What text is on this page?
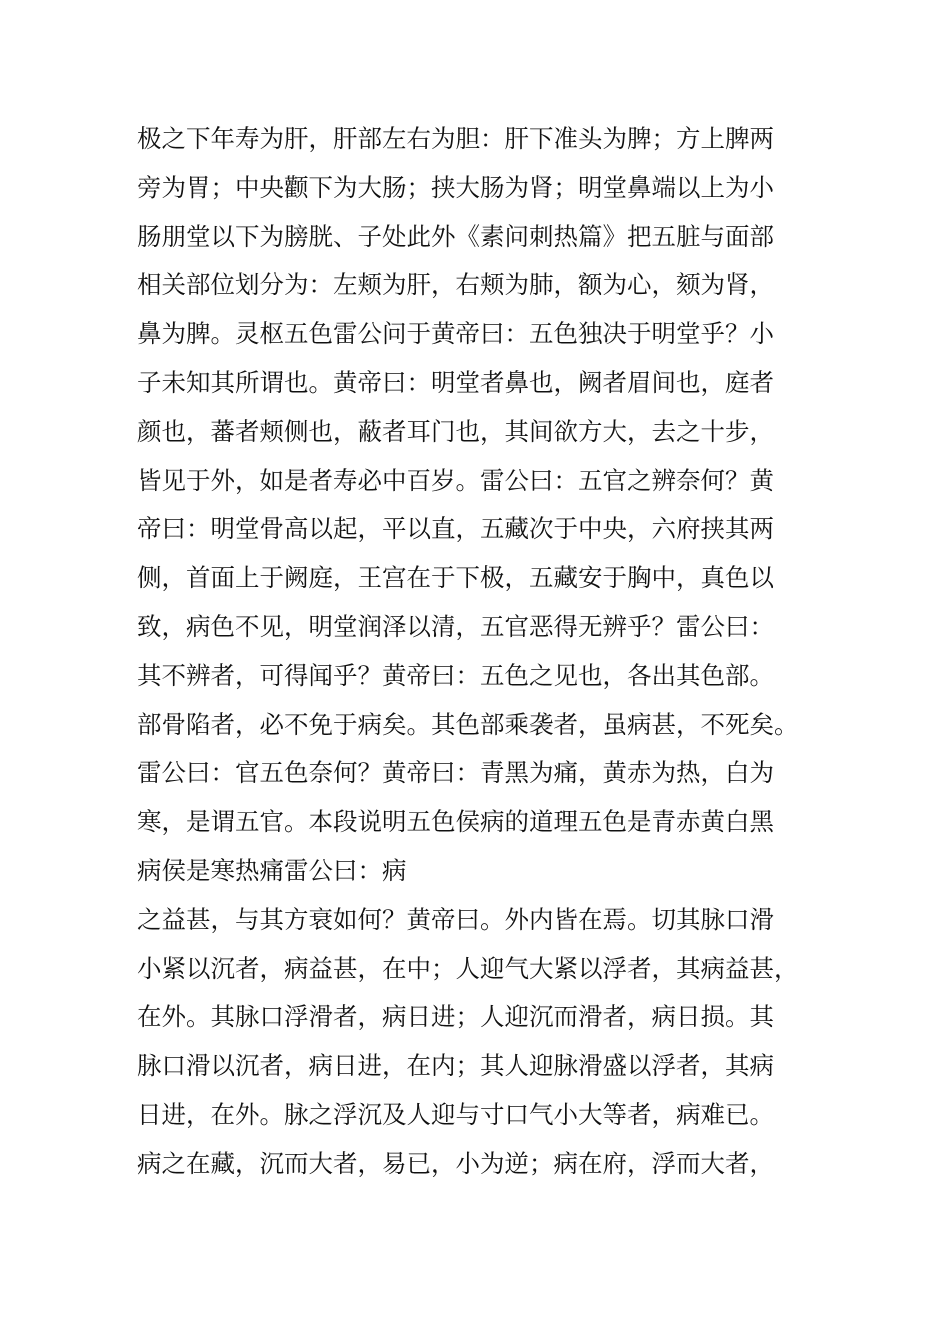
极之下年寿为肝，肝部左右为胆：肝下准头为脾；方上脾两
旁为胃；中央颧下为大肠；挟大肠为肾；明堂鼻端以上为小
肠朋堂以下为膀胱、子处此外《素问刺热篇》把五脏与面部
相关部位划分为：左颊为肝，右颊为肺，额为心，颏为肾，
鼻为脾。灵枢五色雷公问于黄帝曰：五色独决于明堂乎？小
子未知其所谓也。黄帝曰：明堂者鼻也，阙者眉间也，庭者
颜也，蕃者颊侧也，蔽者耳门也，其间欲方大，去之十步，
皆见于外，如是者寿必中百岁。雷公曰：五官之辨奈何？黄
帝曰：明堂骨高以起，平以直，五藏次于中央，六府挟其两
侧，首面上于阙庭，王宫在于下极，五藏安于胸中，真色以
致，病色不见，明堂润泽以清，五官恶得无辨乎？雷公曰：
其不辨者，可得闻乎？黄帝曰：五色之见也，各出其色部。
部骨陷者，必不免于病矣。其色部乘袭者，虽病甚，不死矣。
雷公曰：官五色奈何？黄帝曰：青黑为痛，黄赤为热，白为
寒，是谓五官。本段说明五色侯病的道理五色是青赤黄白黑
病侯是寒热痛雷公曰：病
之益甚，与其方衰如何？黄帝曰。外内皆在焉。切其脉口滑
小紧以沉者，病益甚，在中；人迎气大紧以浮者，其病益甚，
在外。其脉口浮滑者，病日进；人迎沉而滑者，病日损。其
脉口滑以沉者，病日进，在内；其人迎脉滑盛以浮者，其病
日进，在外。脉之浮沉及人迎与寸口气小大等者，病难已。
病之在藏，沉而大者，易已，小为逆；病在府，浮而大者，
